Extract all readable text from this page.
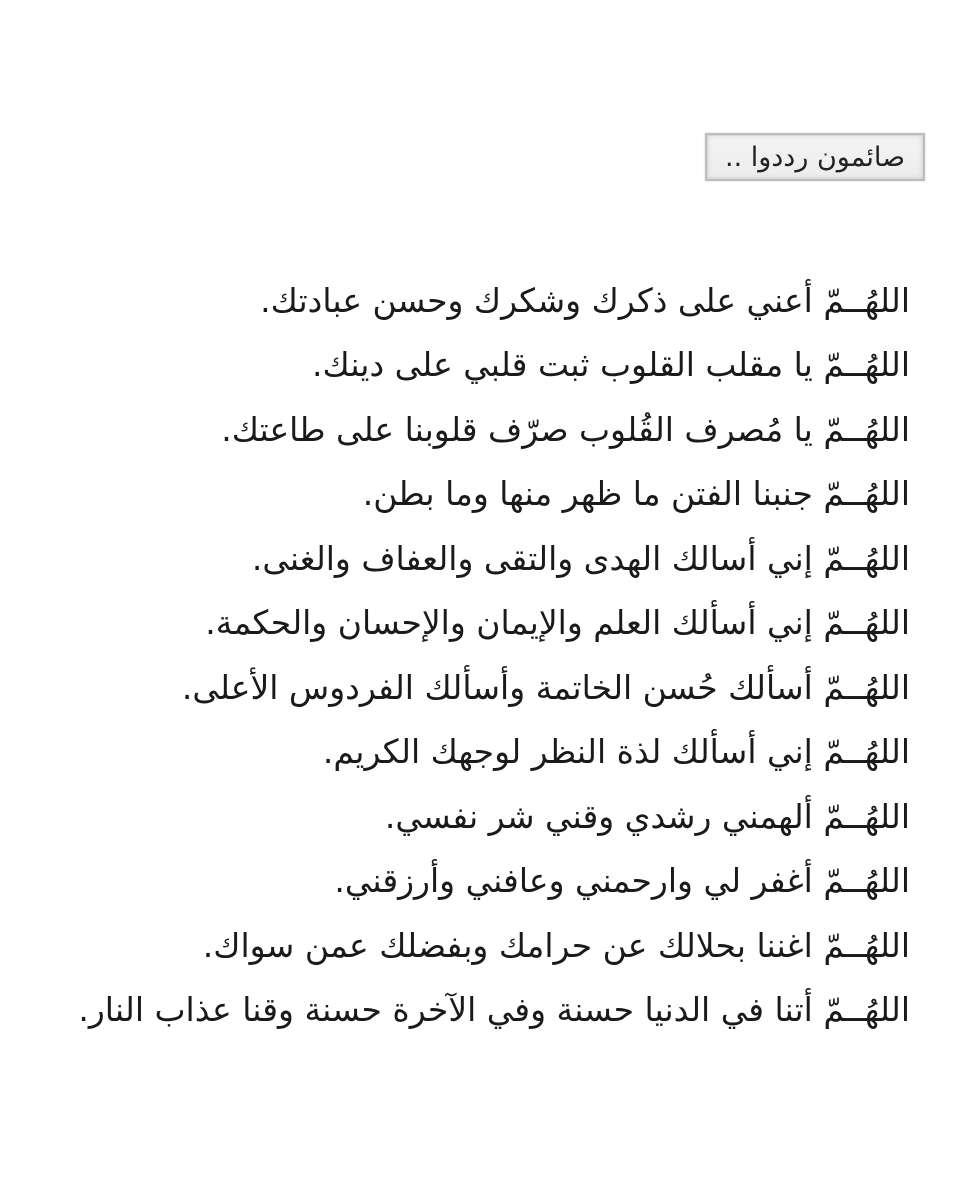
صائمون رددوا ..
اللهُــمّ أعني على ذكرك وشكرك وحسن عبادتك.
اللهُــمّ يا مقلب القلوب ثبت قلبي على دينك.
اللهُــمّ يا مُصرف القُلوب صرّف قلوبنا على طاعتك.
اللهُــمّ جنبنا الفتن ما ظهر منها وما بطن.
اللهُــمّ إني أسالك الهدى والتقى والعفاف والغنى.
اللهُــمّ إني أسألك العلم والإيمان والإحسان والحكمة.
اللهُــمّ أسألك حُسن الخاتمة وأسألك الفردوس الأعلى.
اللهُــمّ إني أسألك لذة النظر لوجهك الكريم.
اللهُــمّ ألهمني رشدي وقني شر نفسي.
اللهُــمّ أغفر لي وارحمني وعافني وأرزقني.
اللهُــمّ اغننا بحلالك عن حرامك وبفضلك عمن سواك.
اللهُــمّ أتنا في الدنيا حسنة وفي الآخرة حسنة وقنا عذاب النار.
